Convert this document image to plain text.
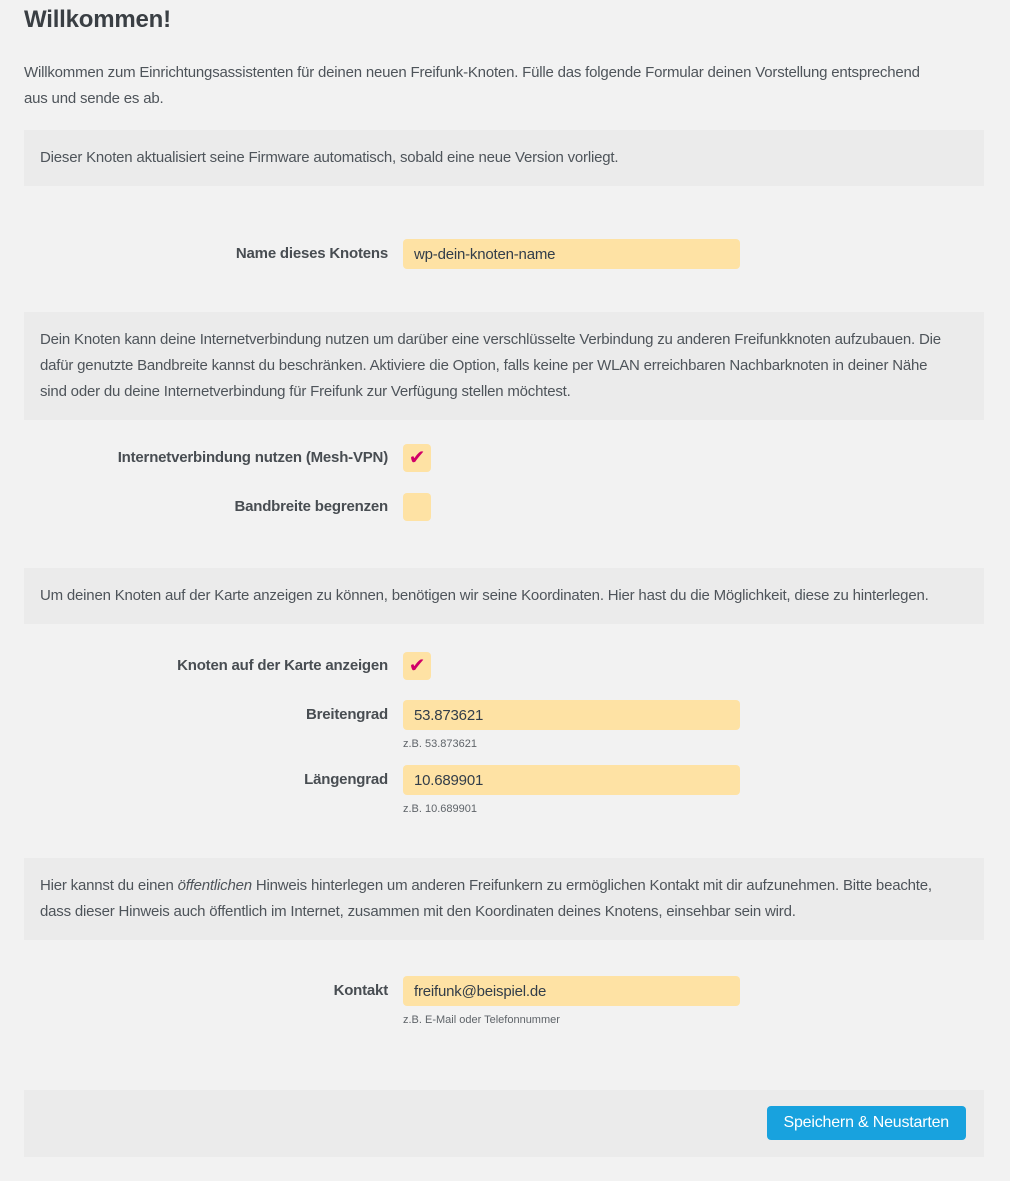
Willkommen!

Willkommen zum Einrichtungsassistenten für deinen neuen Freifunk-Knoten. Fülle das folgende Formular deinen Vorstellung entsprechend aus und sende es ab.

Dieser Knoten aktualisiert seine Firmware automatisch, sobald eine neue Version vorliegt.

Name dieses Knotens
wp-dein-knoten-name

Dein Knoten kann deine Internetverbindung nutzen um darüber eine verschlüsselte Verbindung zu anderen Freifunkknoten aufzubauen. Die dafür genutzte Bandbreite kannst du beschränken. Aktiviere die Option, falls keine per WLAN erreichbaren Nachbarknoten in deiner Nähe sind oder du deine Internetverbindung für Freifunk zur Verfügung stellen möchtest.

Internetverbindung nutzen (Mesh-VPN)	✔
Bandbreite begrenzen

Um deinen Knoten auf der Karte anzeigen zu können, benötigen wir seine Koordinaten. Hier hast du die Möglichkeit, diese zu hinterlegen.

Knoten auf der Karte anzeigen	✔
Breitengrad
53.873621
z.B. 53.873621
Längengrad
10.689901
z.B. 10.689901

Hier kannst du einen öffentlichen Hinweis hinterlegen um anderen Freifunkern zu ermöglichen Kontakt mit dir aufzunehmen. Bitte beachte, dass dieser Hinweis auch öffentlich im Internet, zusammen mit den Koordinaten deines Knotens, einsehbar sein wird.

Kontakt
freifunk@beispiel.de
z.B. E-Mail oder Telefonnummer
Speichern & Neustarten
